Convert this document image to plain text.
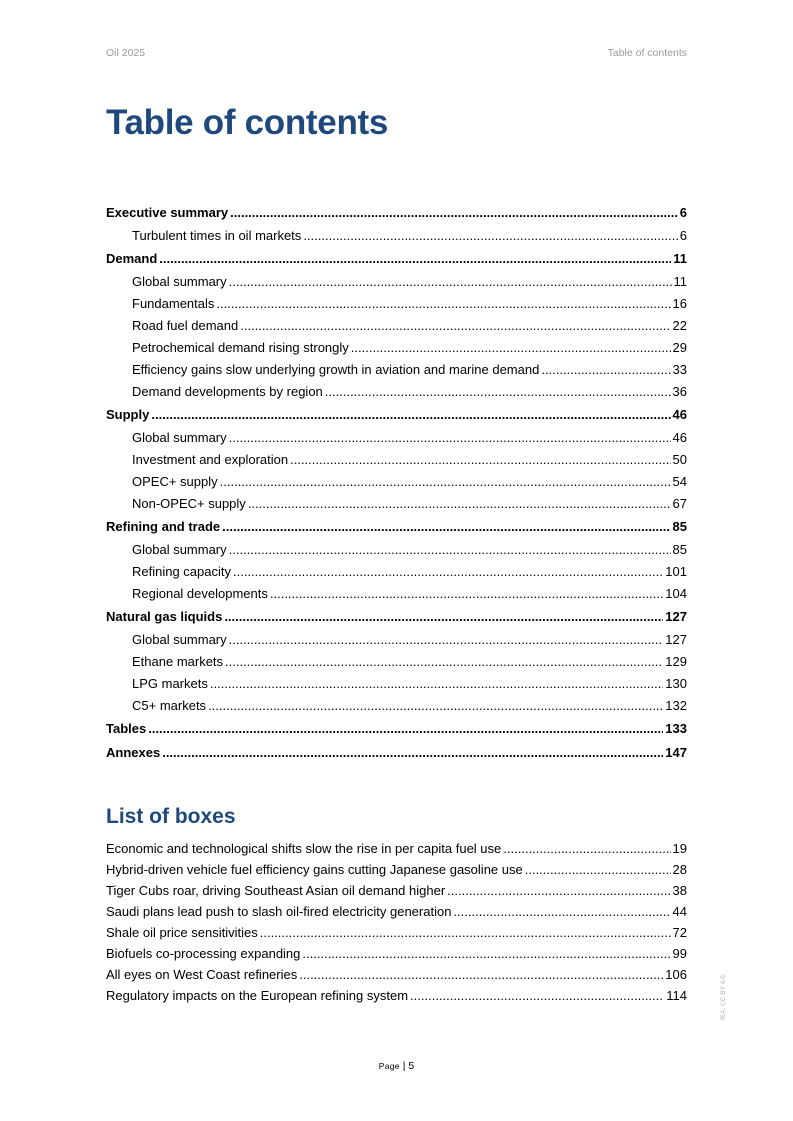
Oil 2025	Table of contents
Table of contents
Executive summary .....	6
Turbulent times in oil markets .....	6
Demand .....	11
Global summary .....	11
Fundamentals .....	16
Road fuel demand .....	22
Petrochemical demand rising strongly .....	29
Efficiency gains slow underlying growth in aviation and marine demand .....	33
Demand developments by region .....	36
Supply .....	46
Global summary .....	46
Investment and exploration .....	50
OPEC+ supply .....	54
Non-OPEC+ supply .....	67
Refining and trade .....	85
Global summary .....	85
Refining capacity .....	101
Regional developments .....	104
Natural gas liquids .....	127
Global summary .....	127
Ethane markets .....	129
LPG markets .....	130
C5+ markets .....	132
Tables .....	133
Annexes .....	147
List of boxes
Economic and technological shifts slow the rise in per capita fuel use .....	19
Hybrid-driven vehicle fuel efficiency gains cutting Japanese gasoline use .....	28
Tiger Cubs roar, driving Southeast Asian oil demand higher .....	38
Saudi plans lead push to slash oil-fired electricity generation .....	44
Shale oil price sensitivities .....	72
Biofuels co-processing expanding .....	99
All eyes on West Coast refineries .....	106
Regulatory impacts on the European refining system .....	114
Page | 5
IEA. CC BY 4.0.
